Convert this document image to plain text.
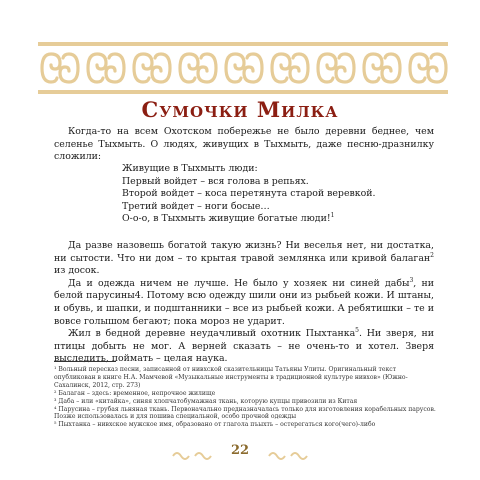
Сумочки Милка

Когда-то на всем Охотском побережье не было деревни беднее, чем селенье Тыхмыть. О людях, живущих в Тыхмыть, даже песню-дразнилку сложили:

Живущие в Тыхмыть люди:
Первый войдет – вся голова в репьях.
Второй войдет – коса перетянута старой веревкой.
Третий войдет – ноги босые…
О-о-о, в Тыхмыть живущие богатые люди!$^1$

Да разве назовешь богатой такую жизнь? Ни веселья нет, ни достатка, ни сытости. Что ни дом – то крытая травой землянка или кривой балаган$^2$ из досок.

Да и одежда ничем не лучше. Не было у хозяек ни синей дабы$^3$, ни белой парусины4. Потому всю одежду шили они из рыбьей кожи. И штаны, и обувь, и шапки, и подштанники – все из рыбьей кожи. А ребятишки – те и вовсе голышом бегают; пока мороз не ударит.

Жил в бедной деревне неудачливый охотник Пыхтанка$^5$. Ни зверя, ни птицы добыть не мог. А верней сказать – не очень-то и хотел. Зверя выследить, поймать – целая наука.

¹ Вольный пересказ песни, записанной от нивхской сказительницы Татьяны Улиты. Оригинальный текст опубликован в книге Н.А. Мамчевой «Музыкальные инструменты в традиционной культуре нивхов» (Южно-Сахалинск, 2012, стр. 273)
² Балаган – здесь: временное, непрочное жилище
³ Даба – или «китайка», синяя хлопчатобумажная ткань, которую купцы привозили из Китая
⁴ Парусина – грубая льняная ткань. Первоначально предназначалась только для изготовления корабельных парусов. Позже использовалась и для пошива специальной, особо прочной одежды
⁵ Пыхтанка – нивхское мужское имя, образовано от глагола пъыхть – остерегаться кого(чего)-либо
22
